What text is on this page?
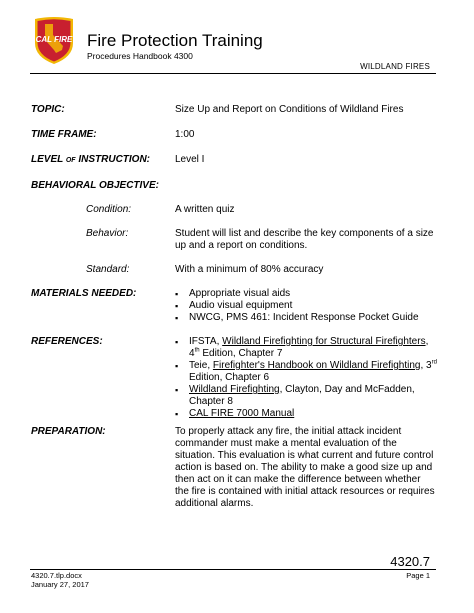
CAL FIRE Fire Protection Training
Procedures Handbook 4300
WILDLAND FIRES
TOPIC:	Size Up and Report on Conditions of Wildland Fires
TIME FRAME:	1:00
LEVEL OF INSTRUCTION: Level I
BEHAVIORAL OBJECTIVE:
Condition:	A written quiz
Behavior:	Student will list and describe the key components of a size up and a report on conditions.
Standard:	With a minimum of 80% accuracy
MATERIALS NEEDED:	▪ Appropriate visual aids
▪ Audio visual equipment
▪ NWCG, PMS 461: Incident Response Pocket Guide
REFERENCES:	▪ IFSTA, Wildland Firefighting for Structural Firefighters, 4th Edition, Chapter 7
▪ Teie, Firefighter's Handbook on Wildland Firefighting, 3rd Edition, Chapter 6
▪ Wildland Firefighting, Clayton, Day and McFadden, Chapter 8
▪ CAL FIRE 7000 Manual
PREPARATION:	To properly attack any fire, the initial attack incident commander must make a mental evaluation of the situation. This evaluation is what current and future control action is based on. The ability to make a good size up and then act on it can make the difference between whether the fire is contained with initial attack resources or requires additional alarms.
4320.7
4320.7.tlp.docx
January 27, 2017
Page 1
